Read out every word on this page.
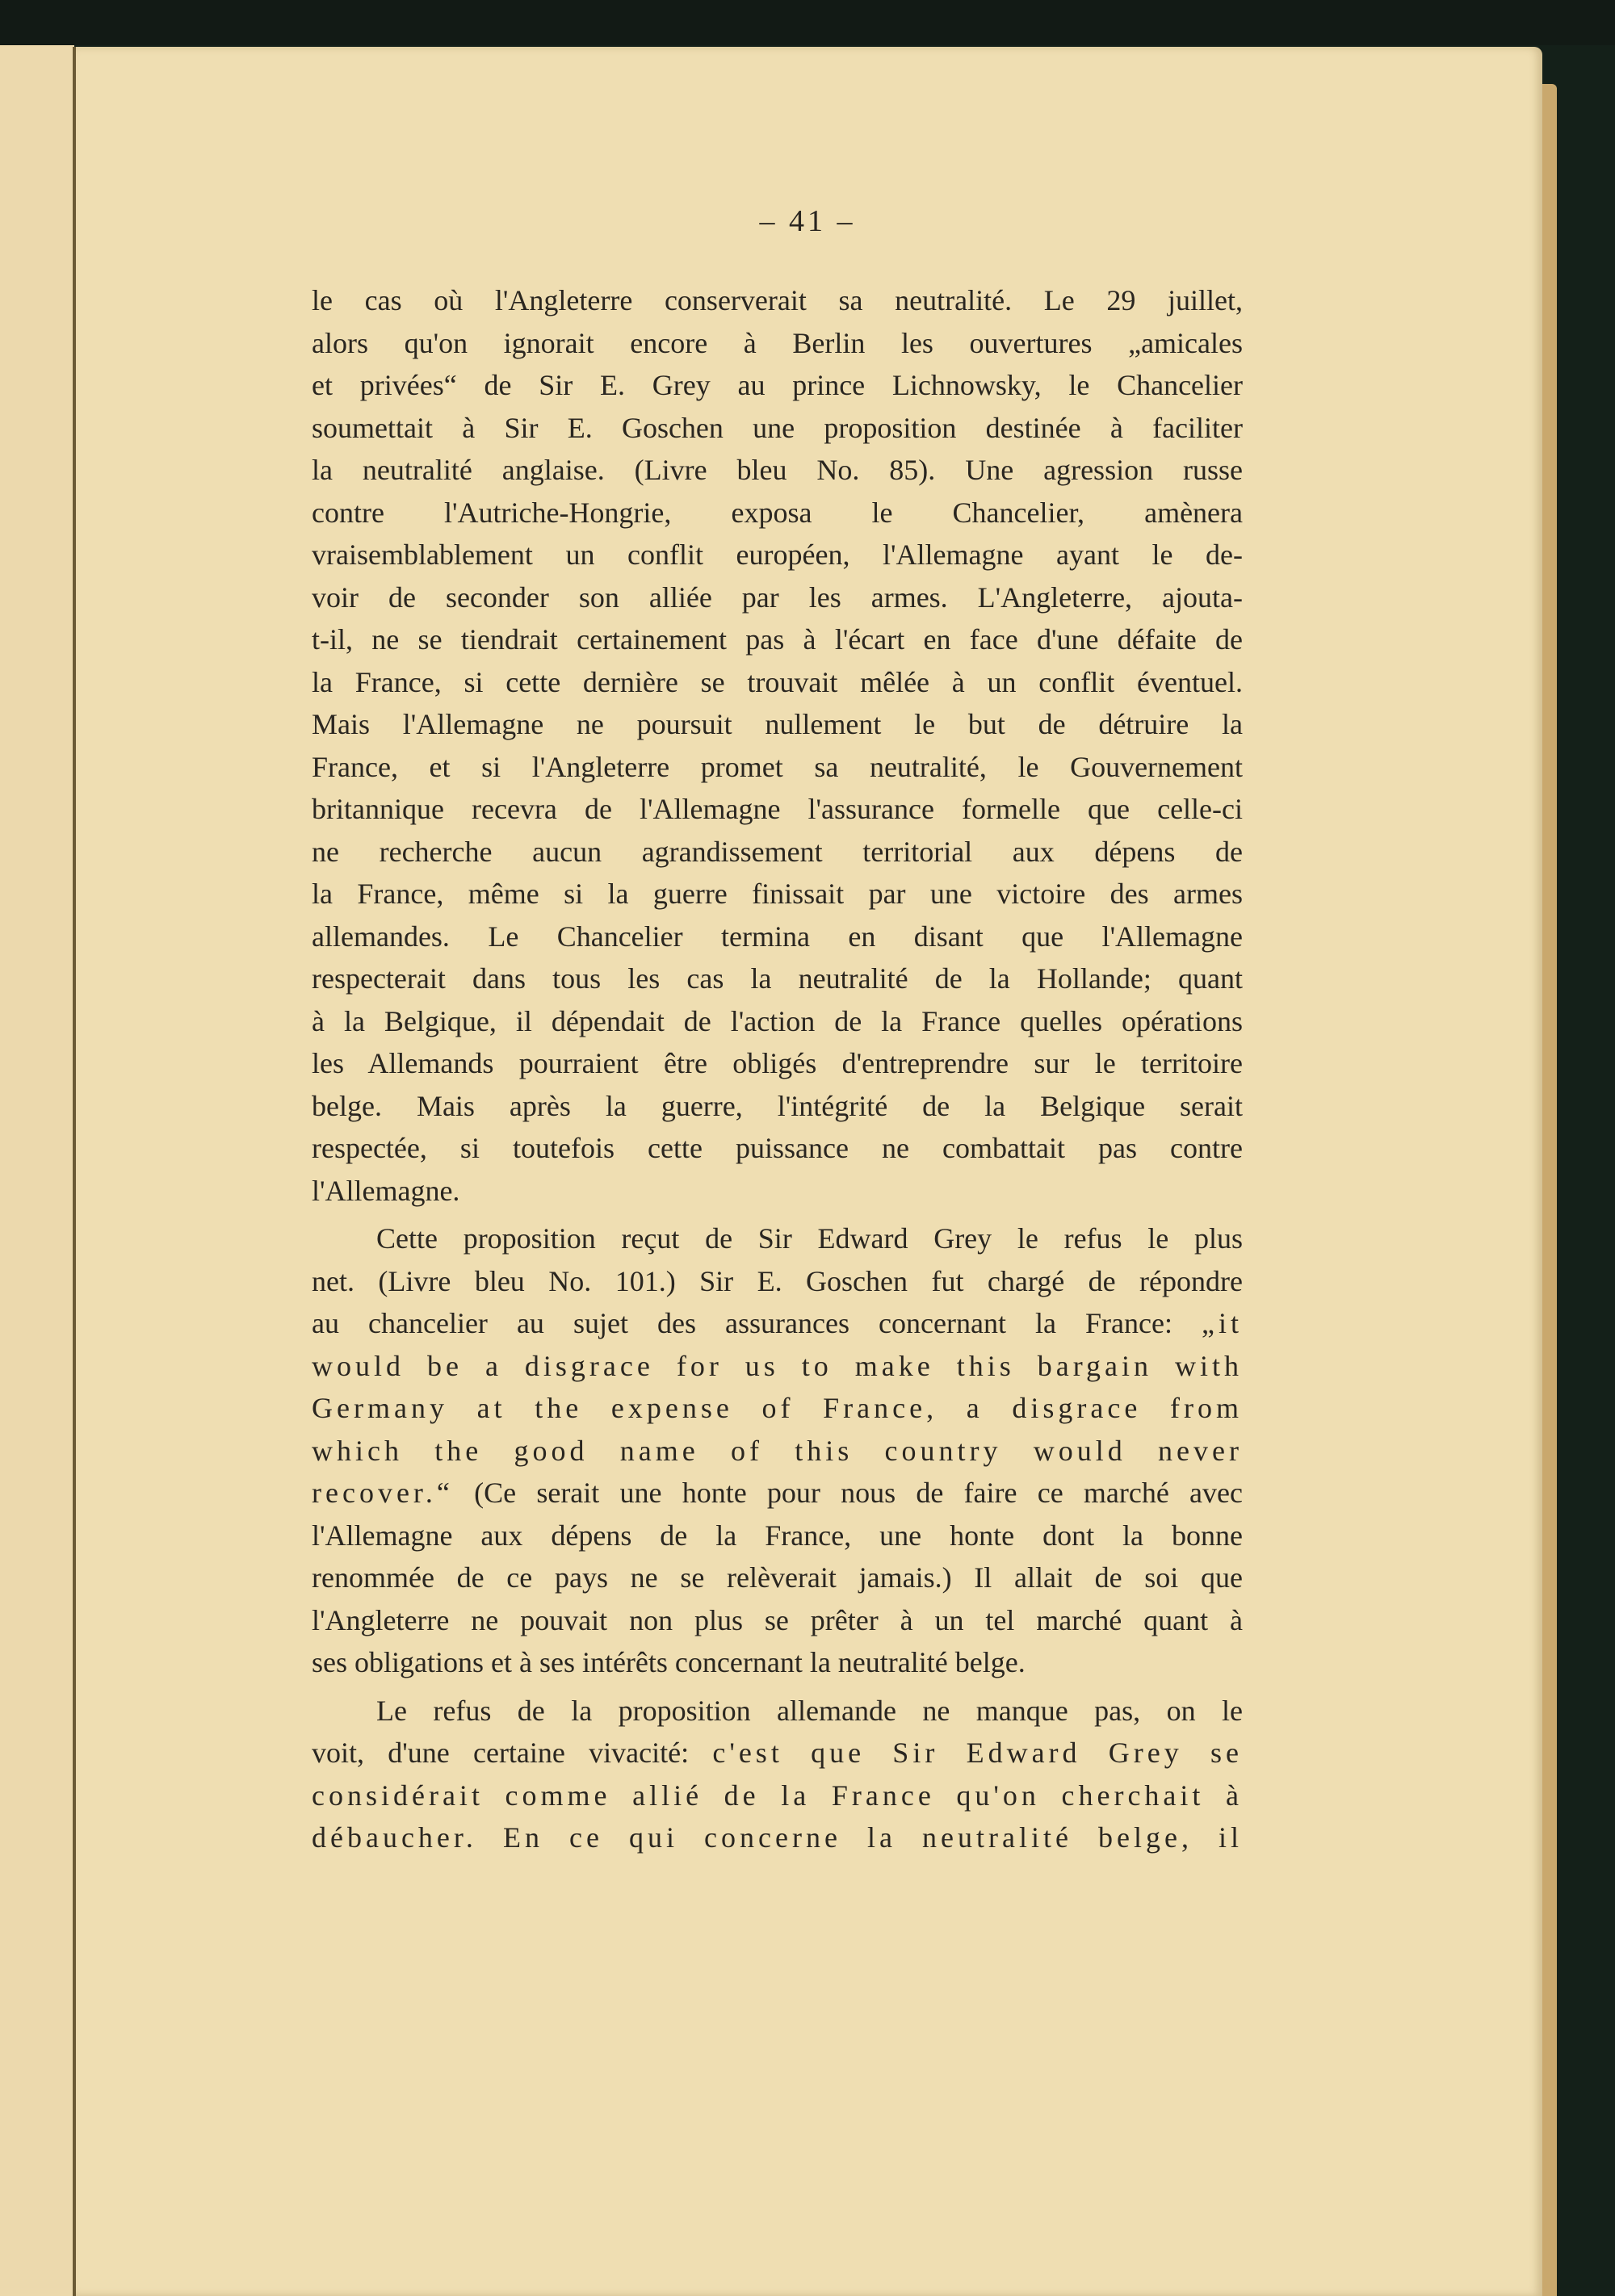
– 41 –
le cas où l'Angleterre conserverait sa neutralité. Le 29 juillet,
alors qu'on ignorait encore à Berlin les ouvertures „amicales
et privées“ de Sir E. Grey au prince Lichnowsky, le Chancelier
soumettait à Sir E. Goschen une proposition destinée à faciliter
la neutralité anglaise. (Livre bleu No. 85). Une agression russe
contre l'Autriche-Hongrie, exposa le Chancelier, amènera
vraisemblablement un conflit européen, l'Allemagne ayant le de-
voir de seconder son alliée par les armes. L'Angleterre, ajouta-
t-il, ne se tiendrait certainement pas à l'écart en face d'une défaite de
la France, si cette dernière se trouvait mêlée à un conflit éventuel.
Mais l'Allemagne ne poursuit nullement le but de détruire la
France, et si l'Angleterre promet sa neutralité, le Gouvernement
britannique recevra de l'Allemagne l'assurance formelle que celle-ci
ne recherche aucun agrandissement territorial aux dépens de
la France, même si la guerre finissait par une victoire des armes
allemandes. Le Chancelier termina en disant que l'Allemagne
respecterait dans tous les cas la neutralité de la Hollande; quant
à la Belgique, il dépendait de l'action de la France quelles opérations
les Allemands pourraient être obligés d'entreprendre sur le territoire
belge. Mais après la guerre, l'intégrité de la Belgique serait
respectée, si toutefois cette puissance ne combattait pas contre
l'Allemagne.
Cette proposition reçut de Sir Edward Grey le refus le plus
net. (Livre bleu No. 101.) Sir E. Goschen fut chargé de répondre
au chancelier au sujet des assurances concernant la France: „it
would be a disgrace for us to make this bargain with
Germany at the expense of France, a disgrace from
which the good name of this country would never
recover.“ (Ce serait une honte pour nous de faire ce marché avec
l'Allemagne aux dépens de la France, une honte dont la bonne
renommée de ce pays ne se relèverait jamais.) Il allait de soi que
l'Angleterre ne pouvait non plus se prêter à un tel marché quant à
ses obligations et à ses intérêts concernant la neutralité belge.
Le refus de la proposition allemande ne manque pas, on le
voit, d'une certaine vivacité: c'est que Sir Edward Grey se
considérait comme allié de la France qu'on cherchait à
débaucher. En ce qui concerne la neutralité belge, il
